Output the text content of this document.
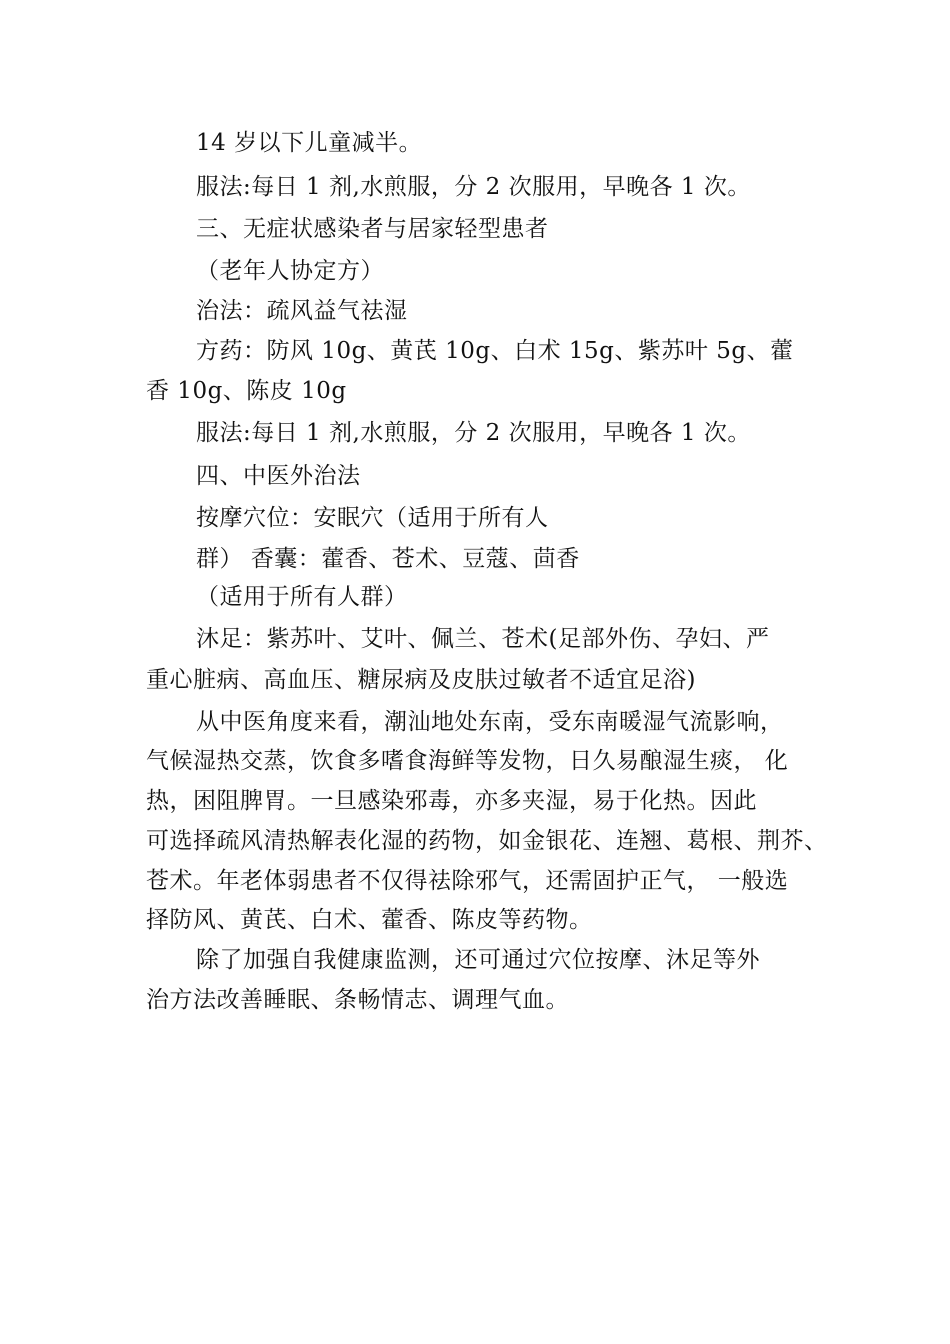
14 岁以下儿童减半。
服法:每日 1 剂,水煎服，分 2 次服用，早晚各 1 次。
三、无症状感染者与居家轻型患者
（老年人协定方）
治法：疏风益气祛湿
方药：防风 10g、黄芪 10g、白术 15g、紫苏叶 5g、藿
香 10g、陈皮 10g
服法:每日 1 剂,水煎服，分 2 次服用，早晚各 1 次。
四、中医外治法
按摩穴位：安眠穴（适用于所有人
群） 香囊：藿香、苍术、豆蔻、茴香
（适用于所有人群）
沐足：紫苏叶、艾叶、佩兰、苍术(足部外伤、孕妇、严
重心脏病、高血压、糖尿病及皮肤过敏者不适宜足浴)
从中医角度来看，潮汕地处东南，受东南暖湿气流影响，
气候湿热交蒸，饮食多嗜食海鲜等发物，日久易酿湿生痰， 化
热，困阻脾胃。一旦感染邪毒，亦多夹湿，易于化热。因此
可选择疏风清热解表化湿的药物，如金银花、连翘、葛根、荆芥、
苍术。年老体弱患者不仅得祛除邪气，还需固护正气， 一般选
择防风、黄芪、白术、藿香、陈皮等药物。
除了加强自我健康监测，还可通过穴位按摩、沐足等外
治方法改善睡眠、条畅情志、调理气血。
